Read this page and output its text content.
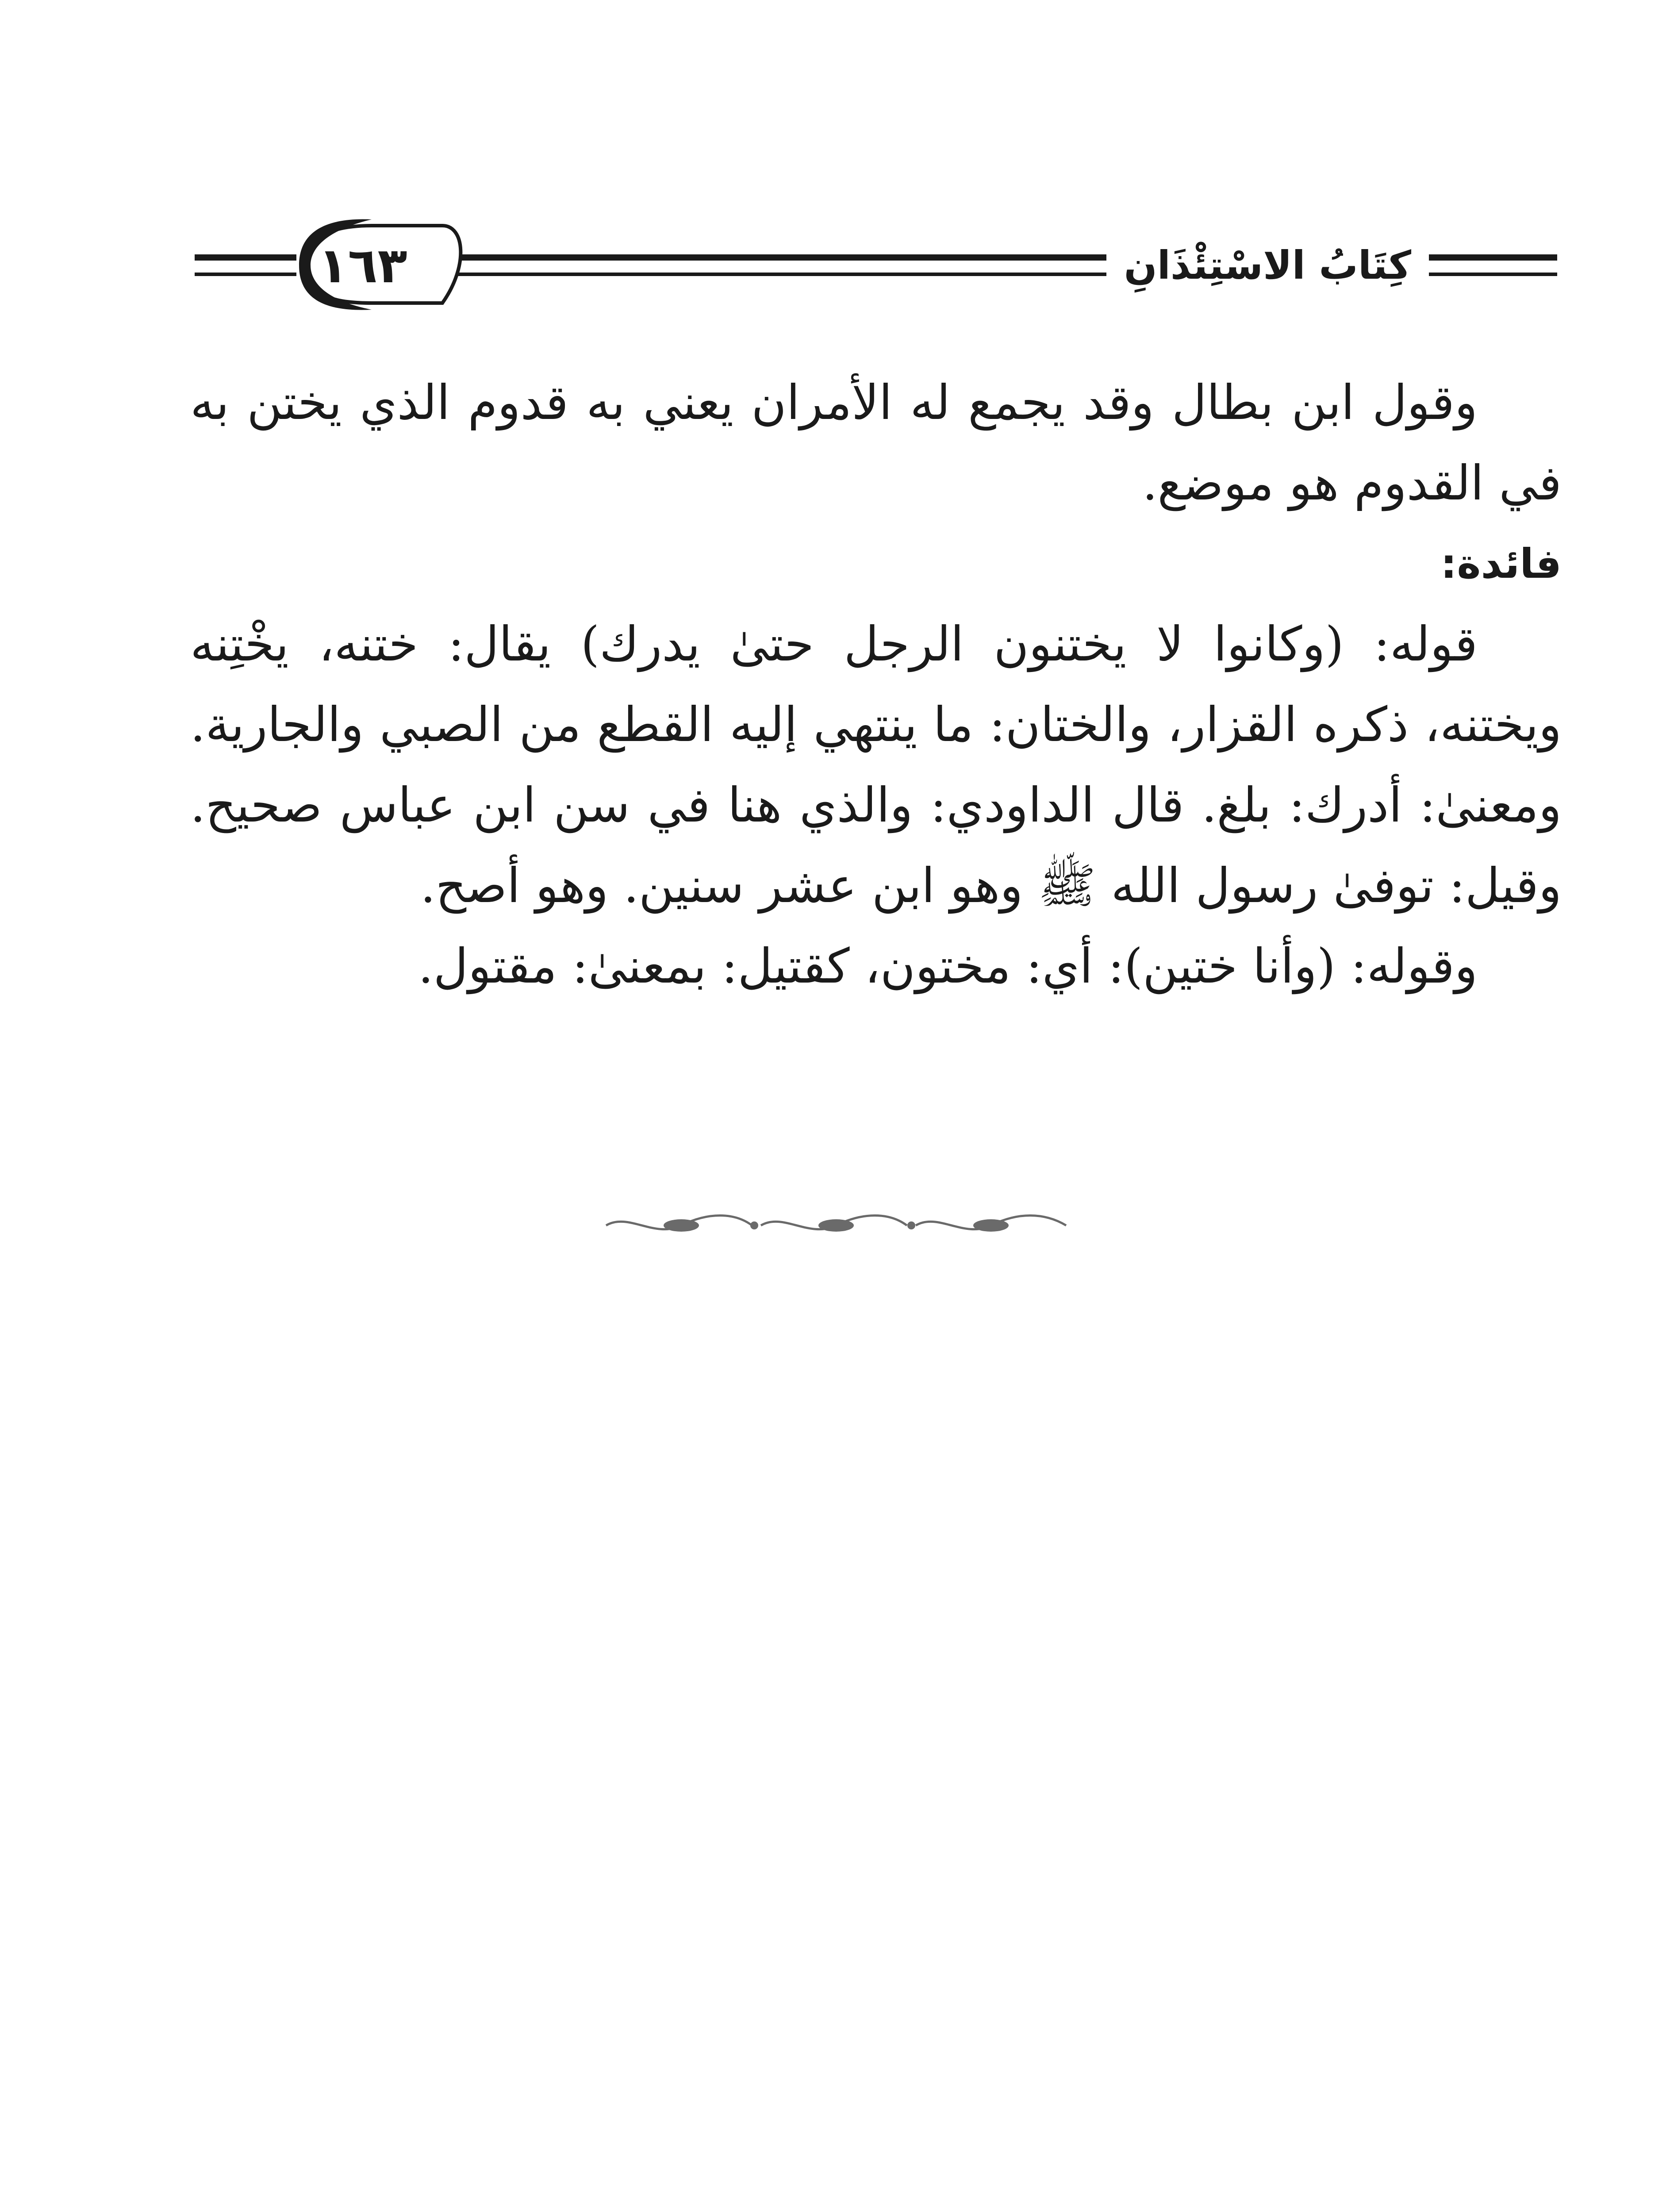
كِتَابُ الاسْتِئْذَانِ
١٦٣

وقول ابن بطال وقد يجمع له الأمران يعني به قدوم الذي يختن به في القدوم هو موضع.

فائدة:

قوله: (وكانوا لا يختنون الرجل حتىٰ يدرك) يقال: ختنه، يخْتِنه ويختنه، ذكره القزار، والختان: ما ينتهي إليه القطع من الصبي والجارية. ومعنىٰ: أدرك: بلغ. قال الداودي: والذي هنا في سن ابن عباس صحيح. وقيل: توفىٰ رسول الله ﷺ وهو ابن عشر سنين. وهو أصح.

وقوله: (وأنا ختين): أي: مختون، كقتيل: بمعنىٰ: مقتول.
